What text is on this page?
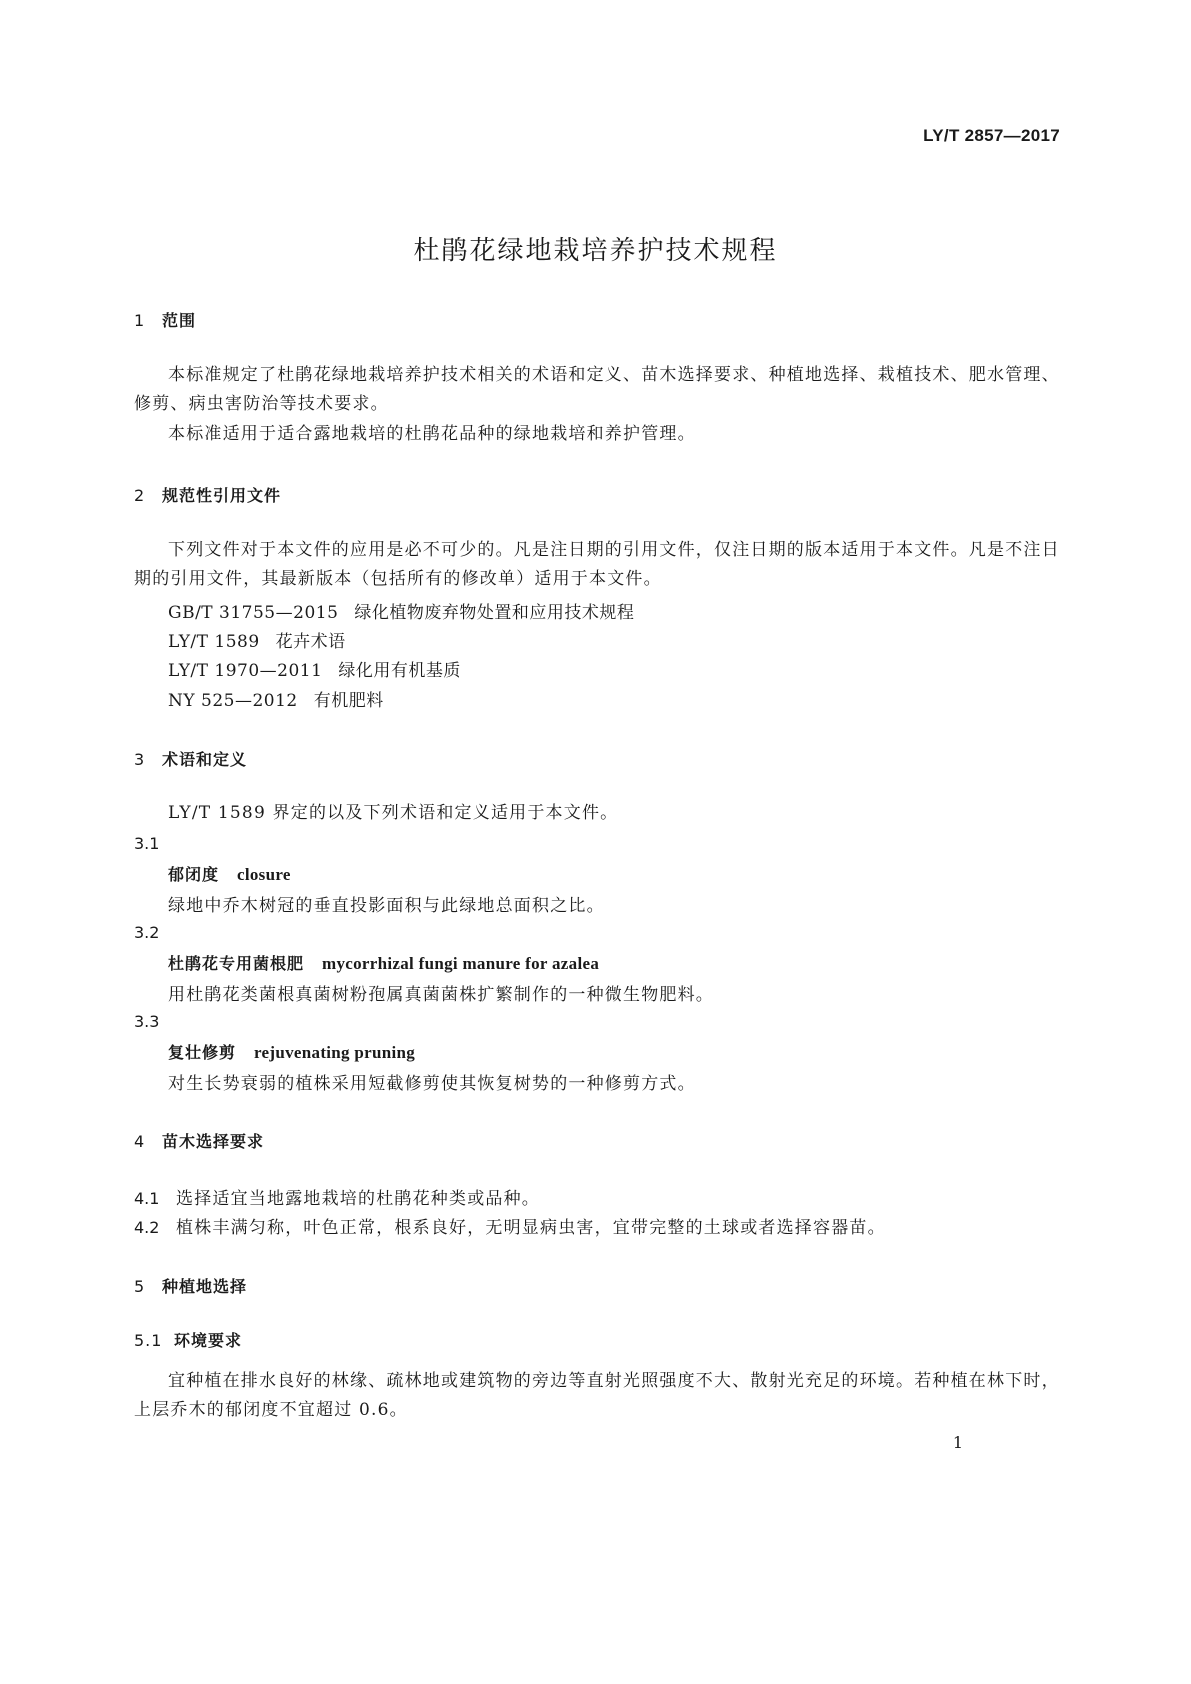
LY/T 2857—2017
杜鹃花绿地栽培养护技术规程
1 范围
本标准规定了杜鹃花绿地栽培养护技术相关的术语和定义、苗木选择要求、种植地选择、栽植技术、肥水管理、修剪、病虫害防治等技术要求。
本标准适用于适合露地栽培的杜鹃花品种的绿地栽培和养护管理。
2 规范性引用文件
下列文件对于本文件的应用是必不可少的。凡是注日期的引用文件，仅注日期的版本适用于本文件。凡是不注日期的引用文件，其最新版本（包括所有的修改单）适用于本文件。
GB/T 31755—2015 绿化植物废弃物处置和应用技术规程
LY/T 1589 花卉术语
LY/T 1970—2011 绿化用有机基质
NY 525—2012 有机肥料
3 术语和定义
LY/T 1589 界定的以及下列术语和定义适用于本文件。
3.1
郁闭度 closure
绿地中乔木树冠的垂直投影面积与此绿地总面积之比。
3.2
杜鹃花专用菌根肥 mycorrhizal fungi manure for azalea
用杜鹃花类菌根真菌树粉孢属真菌菌株扩繁制作的一种微生物肥料。
3.3
复壮修剪 rejuvenating pruning
对生长势衰弱的植株采用短截修剪使其恢复树势的一种修剪方式。
4 苗木选择要求
4.1 选择适宜当地露地栽培的杜鹃花种类或品种。
4.2 植株丰满匀称，叶色正常，根系良好，无明显病虫害，宜带完整的土球或者选择容器苗。
5 种植地选择
5.1 环境要求
宜种植在排水良好的林缘、疏林地或建筑物的旁边等直射光照强度不大、散射光充足的环境。若种植在林下时，上层乔木的郁闭度不宜超过 0.6。
1
